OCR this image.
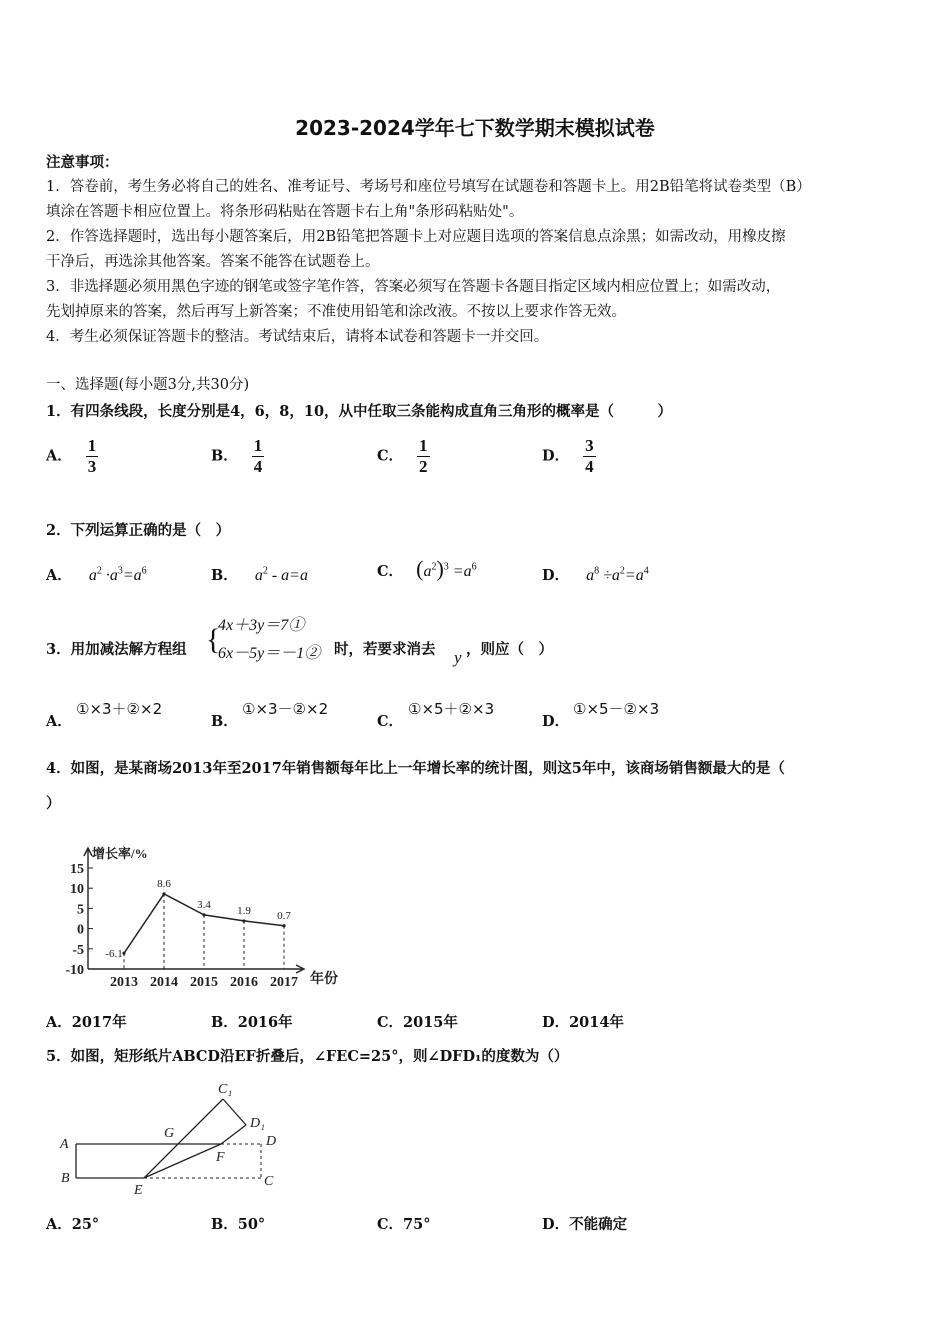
2023-2024学年七下数学期末模拟试卷
注意事项：
1．答卷前，考生务必将自己的姓名、准考证号、考场号和座位号填写在试题卷和答题卡上。用2B铅笔将试卷类型（B）
填涂在答题卡相应位置上。将条形码粘贴在答题卡右上角"条形码粘贴处"。
2．作答选择题时，选出每小题答案后，用2B铅笔把答题卡上对应题目选项的答案信息点涂黑；如需改动，用橡皮擦
干净后，再选涂其他答案。答案不能答在试题卷上。
3．非选择题必须用黑色字迹的钢笔或签字笔作答，答案必须写在答题卡各题目指定区域内相应位置上；如需改动，
先划掉原来的答案，然后再写上新答案；不准使用铅笔和涂改液。不按以上要求作答无效。
4．考生必须保证答题卡的整洁。考试结束后，请将本试卷和答题卡一并交回。
一、选择题(每小题3分,共30分)
1．有四条线段，长度分别是4，6，8，10，从中任取三条能构成直角三角形的概率是（　　　）
A． $\frac{1}{3}$	B． $\frac{1}{4}$	C． $\frac{1}{2}$	D． $\frac{3}{4}$
2．下列运算正确的是（　）
A． $a^2 \cdot a^3=a^6$	B． $a^2 - a=a$	C． $(a^2)^3 =a^6$	D． $a^8 \div a^2=a^4$
3．用加减法解方程组 {
4x＋3y＝7①
6x－5y＝－1② 时，若要求消去 y ，则应（　）
A．
①×3＋②×2
B．
①×3－②×2
C．
①×5＋②×3
D．
①×5－②×3
4．如图，是某商场2013年至2017年销售额每年比上一年增长率的统计图，则这5年中，该商场销售额最大的是（
）
15
10
5
0
-5
-10
增长率/%
2013 2014 2015 2016 2017 年份
-6.1
8.6
3.4
1.9 0.7
A．2017年	B．2016年	C．2015年	D．2014年
5．如图，矩形纸片ABCD沿EF折叠后，∠FEC=25°，则∠DFD₁的度数为（）
A
B	C
D
E
F
G
C₁
D₁
A．25°	B．50°	C．75°	D．不能确定
